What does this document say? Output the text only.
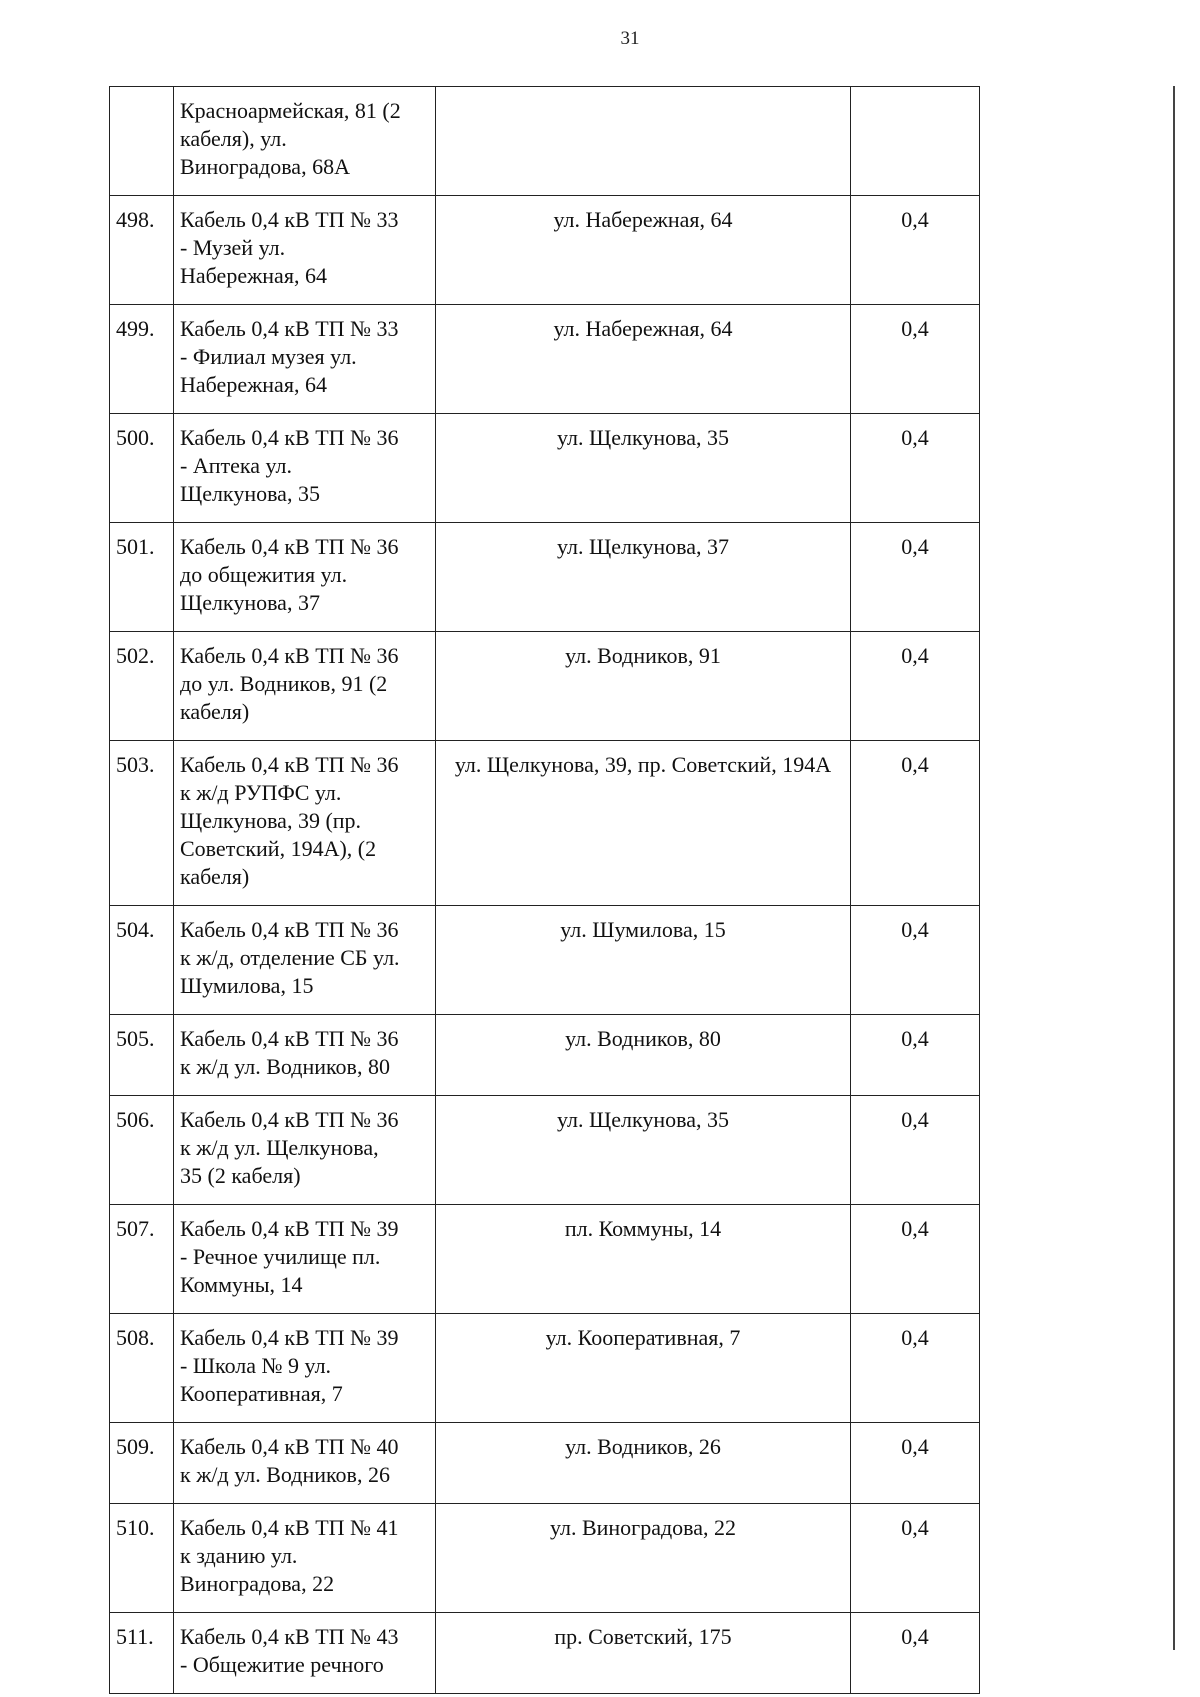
31

	Красноармейская, 81 (2
кабеля), ул.
Виноградова, 68А		

498.	Кабель 0,4 кВ ТП № 33
- Музей ул.
Набережная, 64	ул. Набережная, 64	0,4
499.	Кабель 0,4 кВ ТП № 33
- Филиал музея ул.
Набережная, 64	ул. Набережная, 64	0,4
500.	Кабель 0,4 кВ ТП № 36
- Аптека ул.
Щелкунова, 35	ул. Щелкунова, 35	0,4
501.	Кабель 0,4 кВ ТП № 36
до общежития ул.
Щелкунова, 37	ул. Щелкунова, 37	0,4
502.	Кабель 0,4 кВ ТП № 36
до ул. Водников, 91 (2
кабеля)	ул. Водников, 91	0,4
503.	Кабель 0,4 кВ ТП № 36
к ж/д РУПФС ул.
Щелкунова, 39 (пр.
Советский, 194А), (2
кабеля)	ул. Щелкунова, 39, пр. Советский, 194А	0,4
504.	Кабель 0,4 кВ ТП № 36
к ж/д, отделение СБ ул.
Шумилова, 15	ул. Шумилова, 15	0,4
505.	Кабель 0,4 кВ ТП № 36
к ж/д ул. Водников, 80	ул. Водников, 80	0,4
506.	Кабель 0,4 кВ ТП № 36
к ж/д ул. Щелкунова,
35 (2 кабеля)	ул. Щелкунова, 35	0,4
507.	Кабель 0,4 кВ ТП № 39
- Речное училище пл.
Коммуны, 14	пл. Коммуны, 14	0,4
508.	Кабель 0,4 кВ ТП № 39
- Школа № 9 ул.
Кооперативная, 7	ул. Кооперативная, 7	0,4
509.	Кабель 0,4 кВ ТП № 40
к ж/д ул. Водников, 26	ул. Водников, 26	0,4
510.	Кабель 0,4 кВ ТП № 41
к зданию ул.
Виноградова, 22	ул. Виноградова, 22	0,4
511.	Кабель 0,4 кВ ТП № 43
- Общежитие речного	пр. Советский, 175	0,4
